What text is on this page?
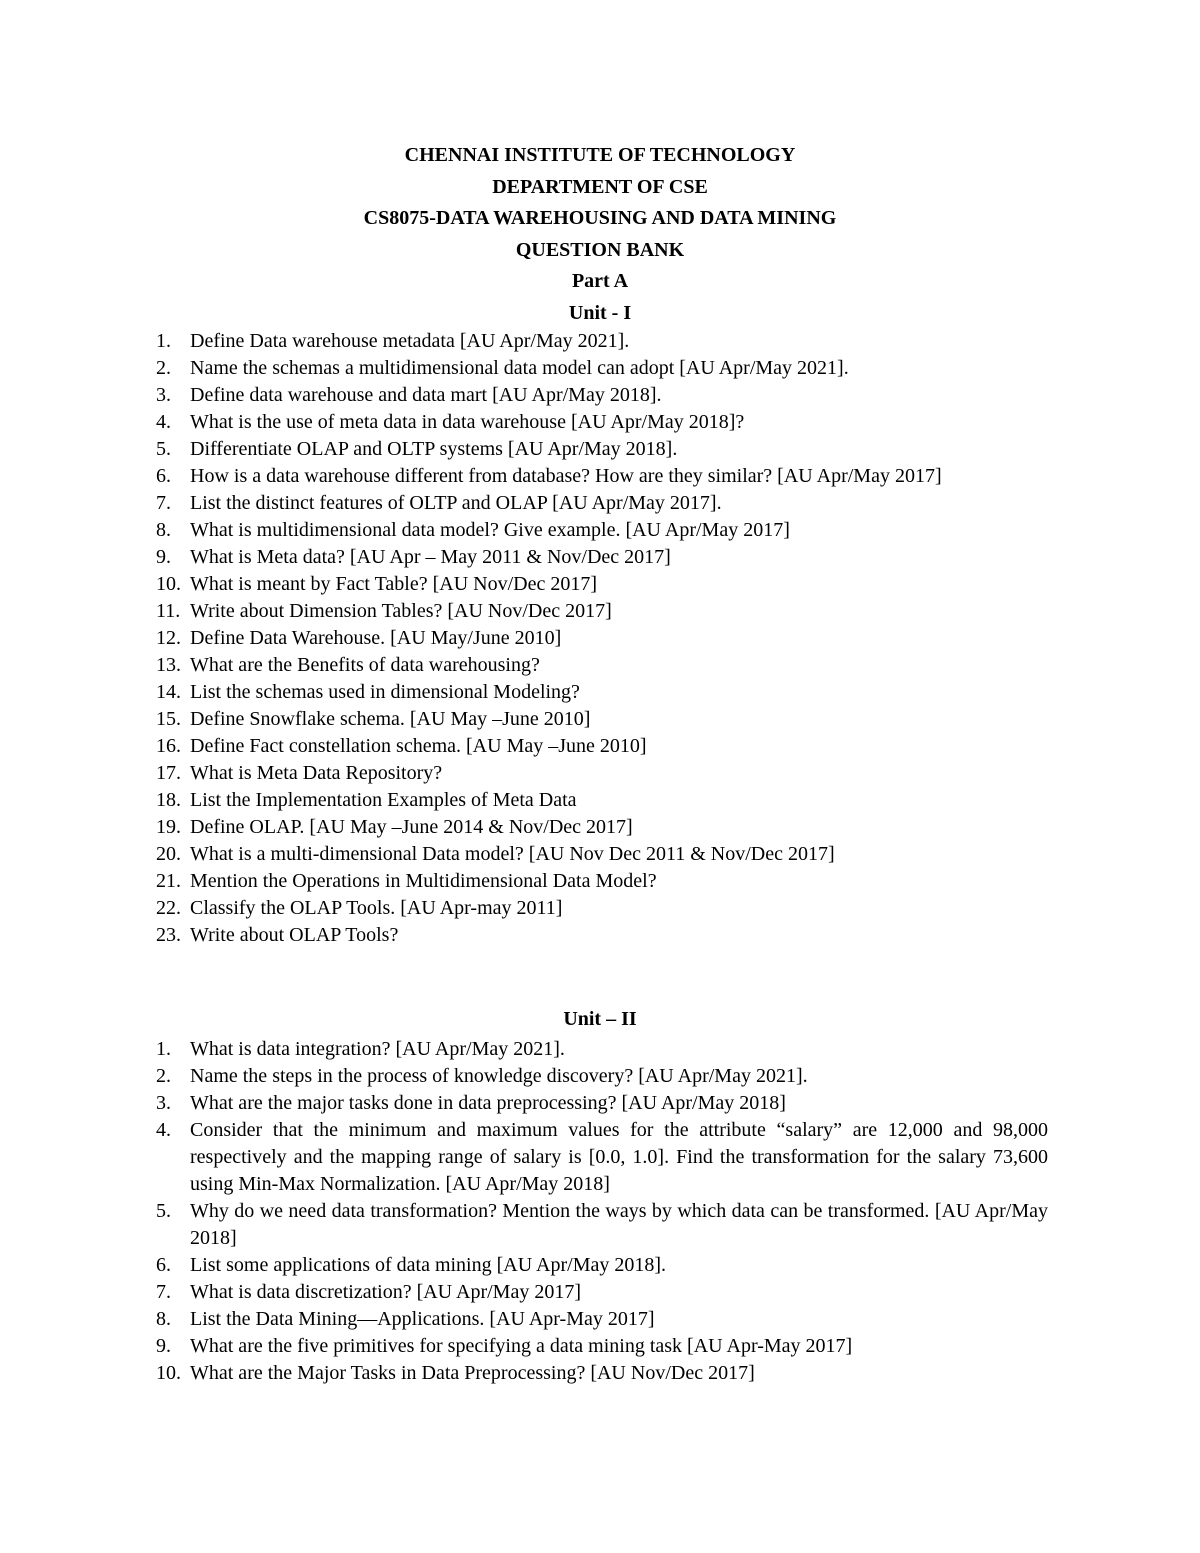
CHENNAI INSTITUTE OF TECHNOLOGY
DEPARTMENT OF CSE
CS8075-DATA WAREHOUSING AND DATA MINING
QUESTION BANK
Part A
Unit - I
1. Define Data warehouse metadata [AU Apr/May 2021].
2. Name the schemas a multidimensional data model can adopt [AU Apr/May 2021].
3. Define data warehouse and data mart [AU Apr/May 2018].
4. What is the use of meta data in data warehouse [AU Apr/May 2018]?
5. Differentiate OLAP and OLTP systems [AU Apr/May 2018].
6. How is a data warehouse different from database? How are they similar? [AU Apr/May 2017]
7. List the distinct features of OLTP and OLAP [AU Apr/May 2017].
8. What is multidimensional data model? Give example. [AU Apr/May 2017]
9. What is Meta data? [AU Apr – May 2011 & Nov/Dec 2017]
10. What is meant by Fact Table? [AU Nov/Dec 2017]
11. Write about Dimension Tables? [AU Nov/Dec 2017]
12. Define Data Warehouse. [AU May/June 2010]
13. What are the Benefits of data warehousing?
14. List the schemas used in dimensional Modeling?
15. Define Snowflake schema. [AU May –June 2010]
16. Define Fact constellation schema. [AU May –June 2010]
17. What is Meta Data Repository?
18. List the Implementation Examples of Meta Data
19. Define OLAP. [AU May –June 2014 & Nov/Dec 2017]
20. What is a multi-dimensional Data model? [AU Nov Dec 2011 & Nov/Dec 2017]
21. Mention the Operations in Multidimensional Data Model?
22. Classify the OLAP Tools. [AU Apr-may 2011]
23. Write about OLAP Tools?
Unit – II
1. What is data integration? [AU Apr/May 2021].
2. Name the steps in the process of knowledge discovery? [AU Apr/May 2021].
3. What are the major tasks done in data preprocessing? [AU Apr/May 2018]
4. Consider that the minimum and maximum values for the attribute “salary” are 12,000 and 98,000 respectively and the mapping range of salary is [0.0, 1.0]. Find the transformation for the salary 73,600 using Min-Max Normalization. [AU Apr/May 2018]
5. Why do we need data transformation? Mention the ways by which data can be transformed. [AU Apr/May 2018]
6. List some applications of data mining [AU Apr/May 2018].
7. What is data discretization? [AU Apr/May 2017]
8. List the Data Mining—Applications. [AU Apr-May 2017]
9. What are the five primitives for specifying a data mining task [AU Apr-May 2017]
10. What are the Major Tasks in Data Preprocessing? [AU Nov/Dec 2017]
